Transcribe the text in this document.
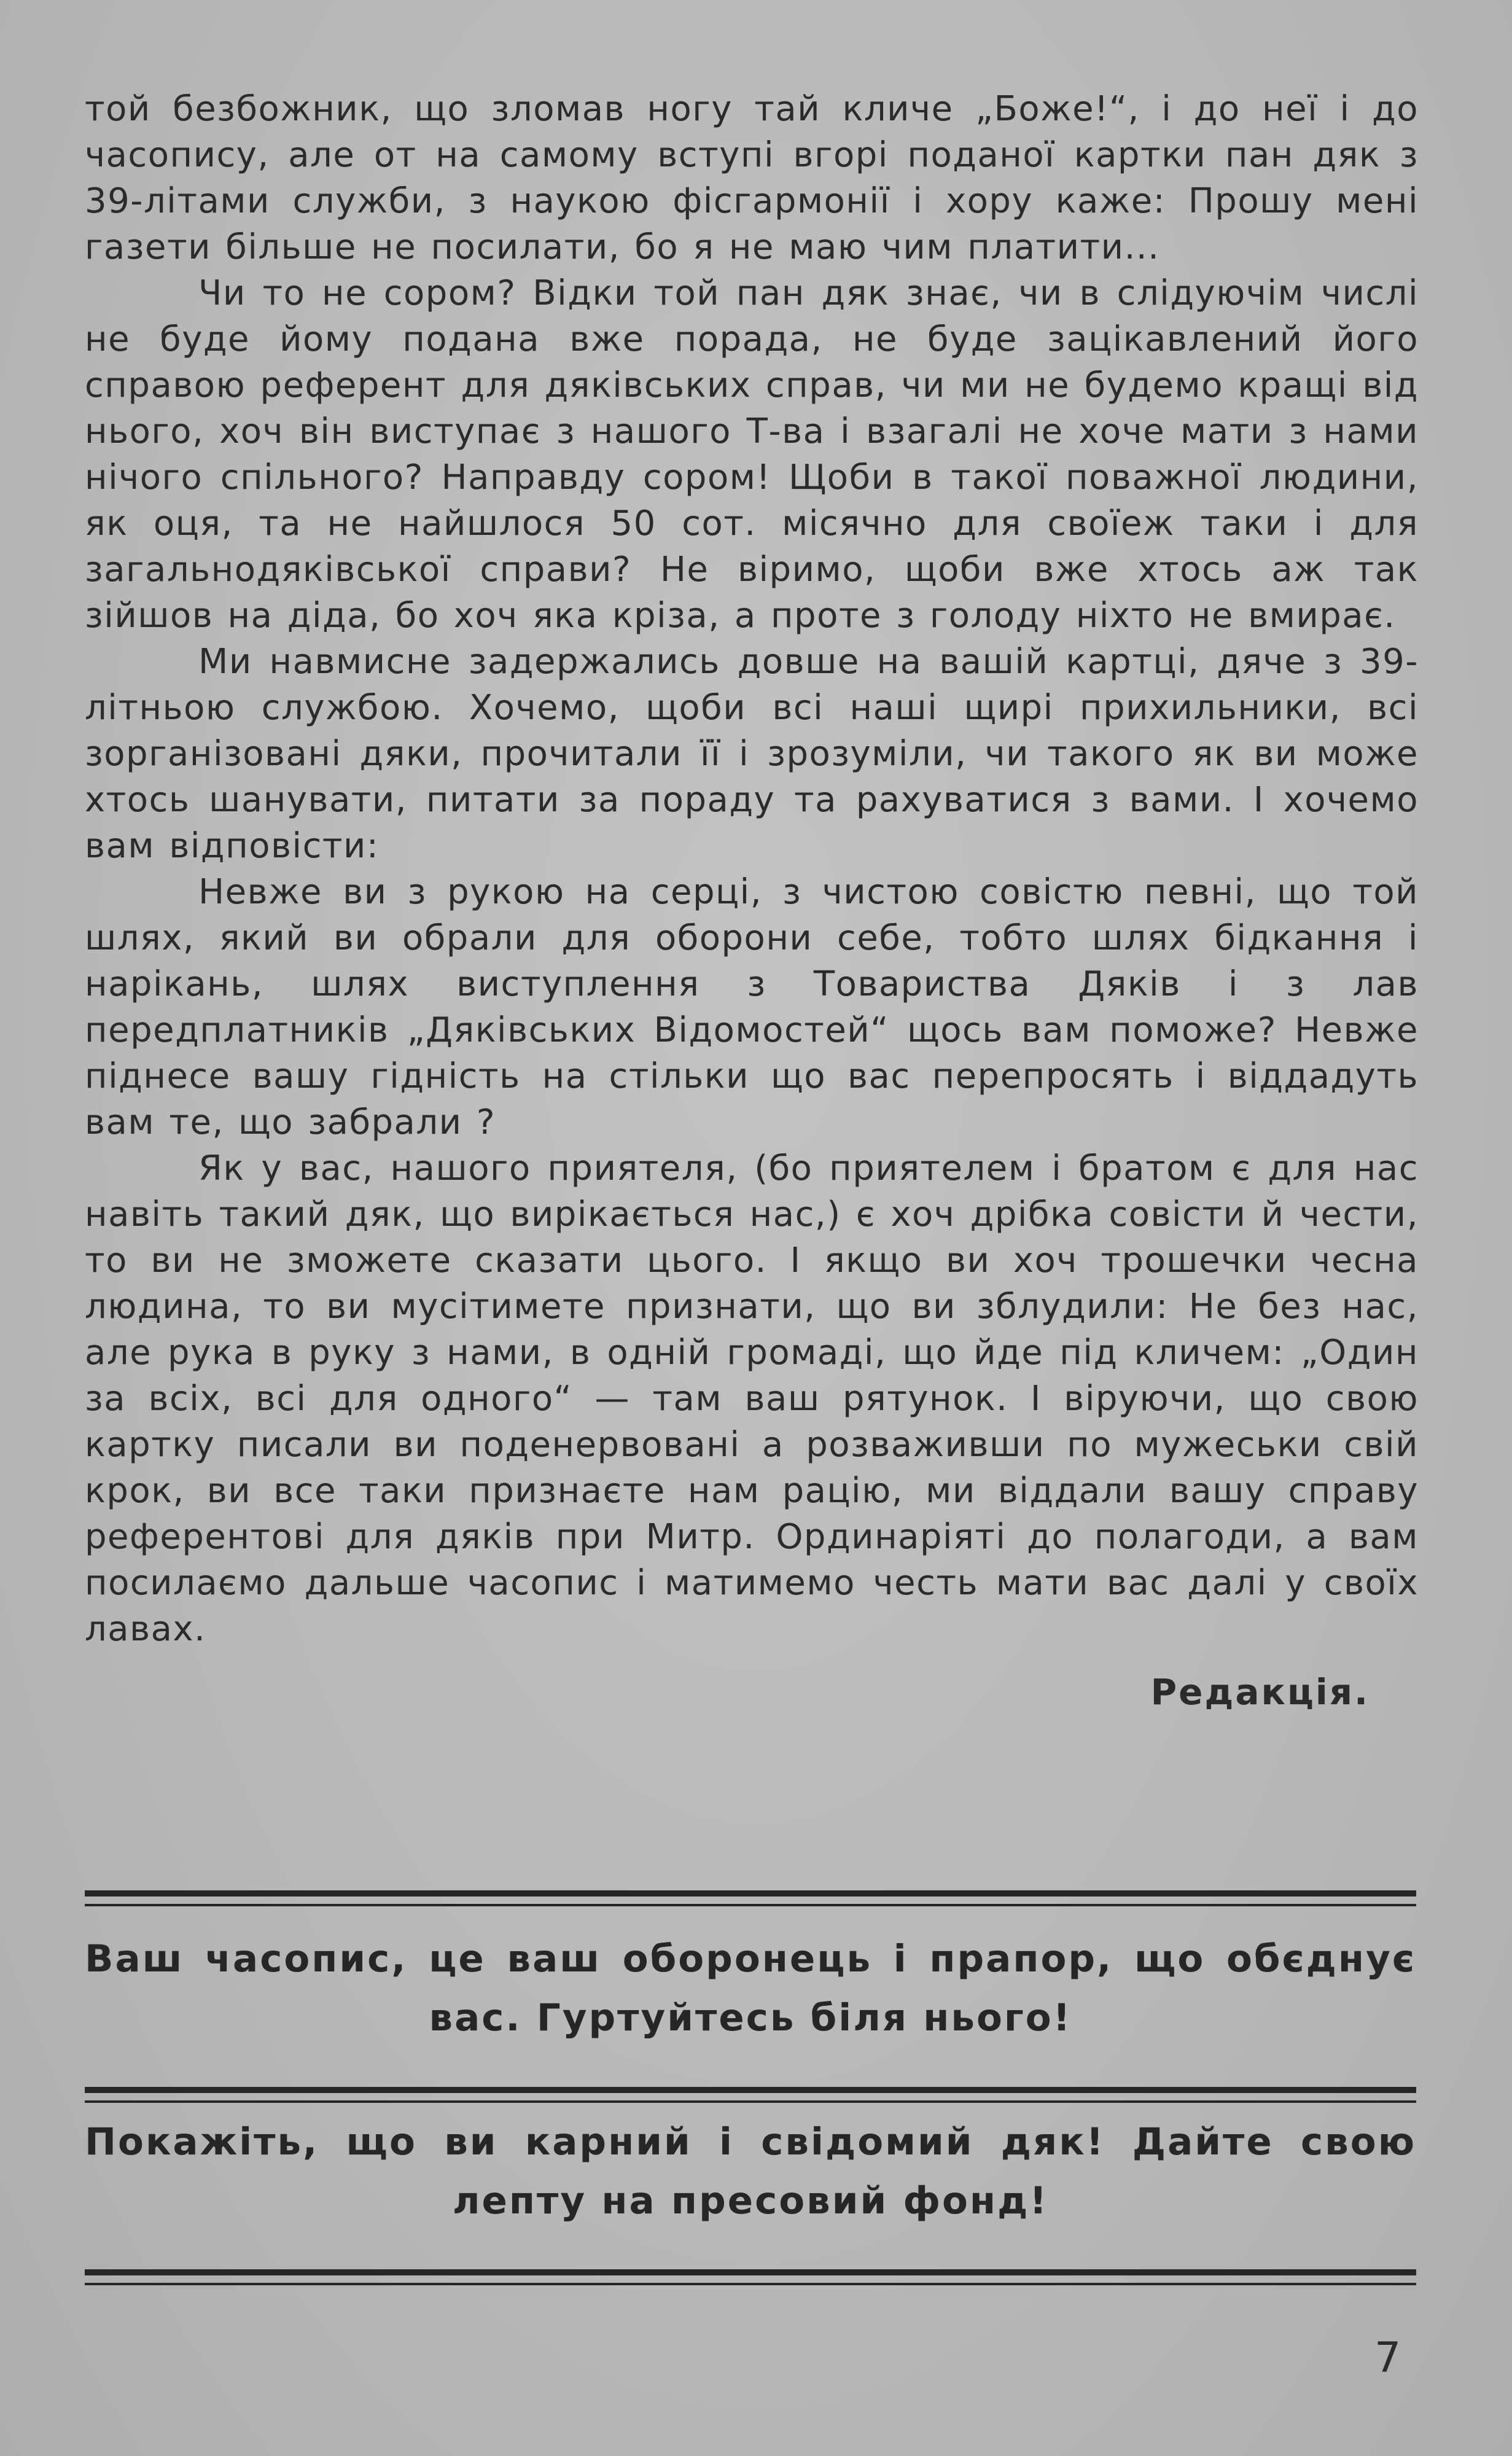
той безбожник, що зломав ногу тай кличе „Боже!“, і до неї і до часопису, але от на самому вступі вгорі поданої картки пан дяк з 39-літами служби, з наукою фісгармонії і хору каже: Прошу мені газети більше не посилати, бо я не маю чим платити...

Чи то не сором? Відки той пан дяк знає, чи в слідуючім числі не буде йому подана вже порада, не буде зацікавлений його справою референт для дяківських справ, чи ми не будемо кращі від нього, хоч він виступає з нашого Т-ва і взагалі не хоче мати з нами нічого спільного? Направду сором! Щоби в такої поважної людини, як оця, та не найшлося 50 сот. місячно для своїеж таки і для загальнодяківської справи? Не віримо, щоби вже хтось аж так зійшов на діда, бо хоч яка кріза, а проте з голоду ніхто не вмирає.

Ми навмисне задержались довше на вашій картці, дяче з 39-літньою службою. Хочемо, щоби всі наші щирі прихильники, всі зорганізовані дяки, прочитали її і зрозуміли, чи такого як ви може хтось шанувати, питати за пораду та рахуватися з вами. І хочемо вам відповісти:

Невже ви з рукою на серці, з чистою совістю певні, що той шлях, який ви обрали для оборони себе, тобто шлях бідкання і нарікань, шлях виступлення з Товариства Дяків і з лав передплатників „Дяківських Відомостей“ щось вам поможе? Невже піднесе вашу гідність на стільки що вас перепросять і віддадуть вам те, що забрали ?

Як у вас, нашого приятеля, (бо приятелем і братом є для нас навіть такий дяк, що вирікається нас,) є хоч дрібка совісти й чести, то ви не зможете сказати цього. І якщо ви хоч трошечки чесна людина, то ви мусітимете признати, що ви зблудили: Не без нас, але рука в руку з нами, в одній громаді, що йде під кличем: „Один за всіх, всі для одного“ — там ваш рятунок. І віруючи, що свою картку писали ви поденервовані а розваживши по мужеськи свій крок, ви все таки признаєте нам рацію, ми віддали вашу справу референтові для дяків при Митр. Ординаріяті до полагоди, а вам посилаємо дальше часопис і матимемо честь мати вас далі у своїх лавах.

Редакція.
Ваш часопис, це ваш оборонець і прапор, що обєднує вас. Гуртуйтесь біля нього!
Покажіть, що ви карний і свідомий дяк! Дайте свою лепту на пресовий фонд!
7
